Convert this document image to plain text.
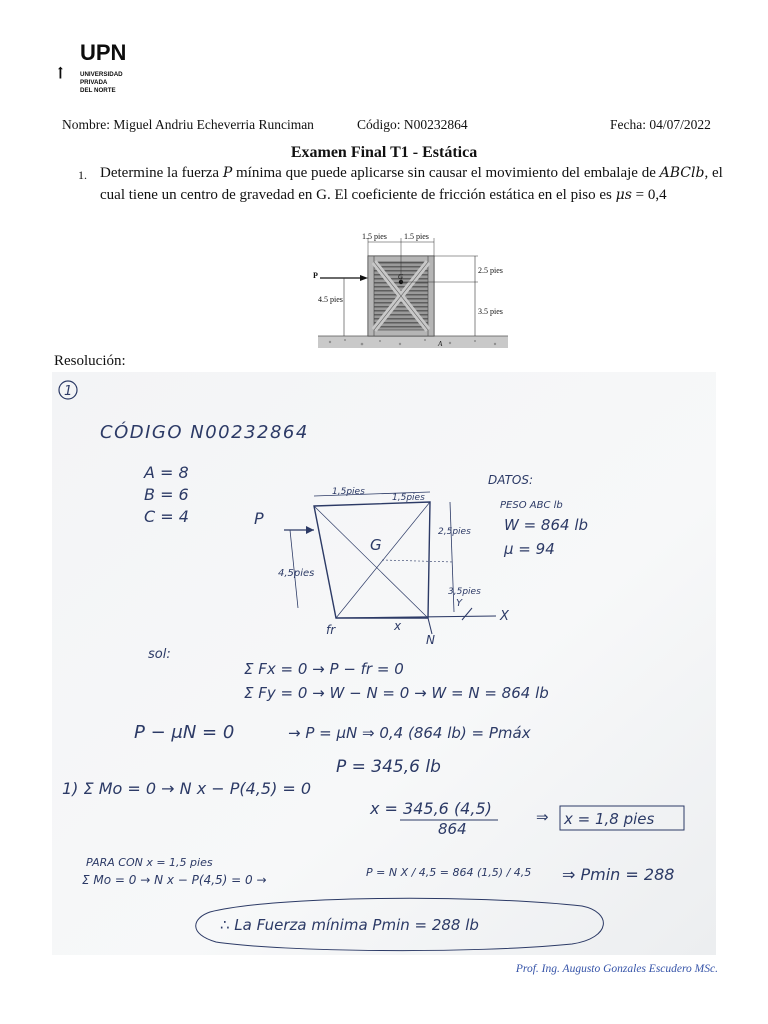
UPN
UNIVERSIDAD
PRIVADA
DEL NORTE
Nombre: Miguel Andriu Echeverria Runciman	Código: N00232864	Fecha: 04/07/2022
Examen Final T1 - Estática
1. Determine la fuerza P mínima que puede aplicarse sin causar el movimiento del embalaje de ABClb, el cual tiene un centro de gravedad en G. El coeficiente de fricción estática en el piso es μs = 0,4
1.5 pies 1.5 pies
2.5 pies
3.5 pies
4.5 pies
P	G
A
Resolución:
1
CÓDIGO N00232864
A = 8
B = 6
C = 4
DATOS:
PESO ABC lb
W = 864 lb
μ = 94
P
G
1,5pies
1,5pies
2,5pies
3,5pies
4,5pies
fr	x
N
X
Y
sol:
Σ Fx = 0 → P − fr = 0
Σ Fy = 0 → W − N = 0 → W = N = 864 lb
P − μN = 0	→ P = μN ⇒ 0,4 (864 lb) = Pmáx
P = 345,6 lb
1) Σ Mo = 0 → N x − P(4,5) = 0
x = 345,6 (4,5)
864
⇒ x = 1,8 pies
PARA CON x = 1,5 pies
Σ Mo = 0 → N x − P(4,5) = 0 →
P = N X / 4,5 = 864 (1,5) / 4,5 ⇒ Pmin = 288
∴ La Fuerza mínima Pmin = 288 lb
Prof. Ing. Augusto Gonzales Escudero MSc.
